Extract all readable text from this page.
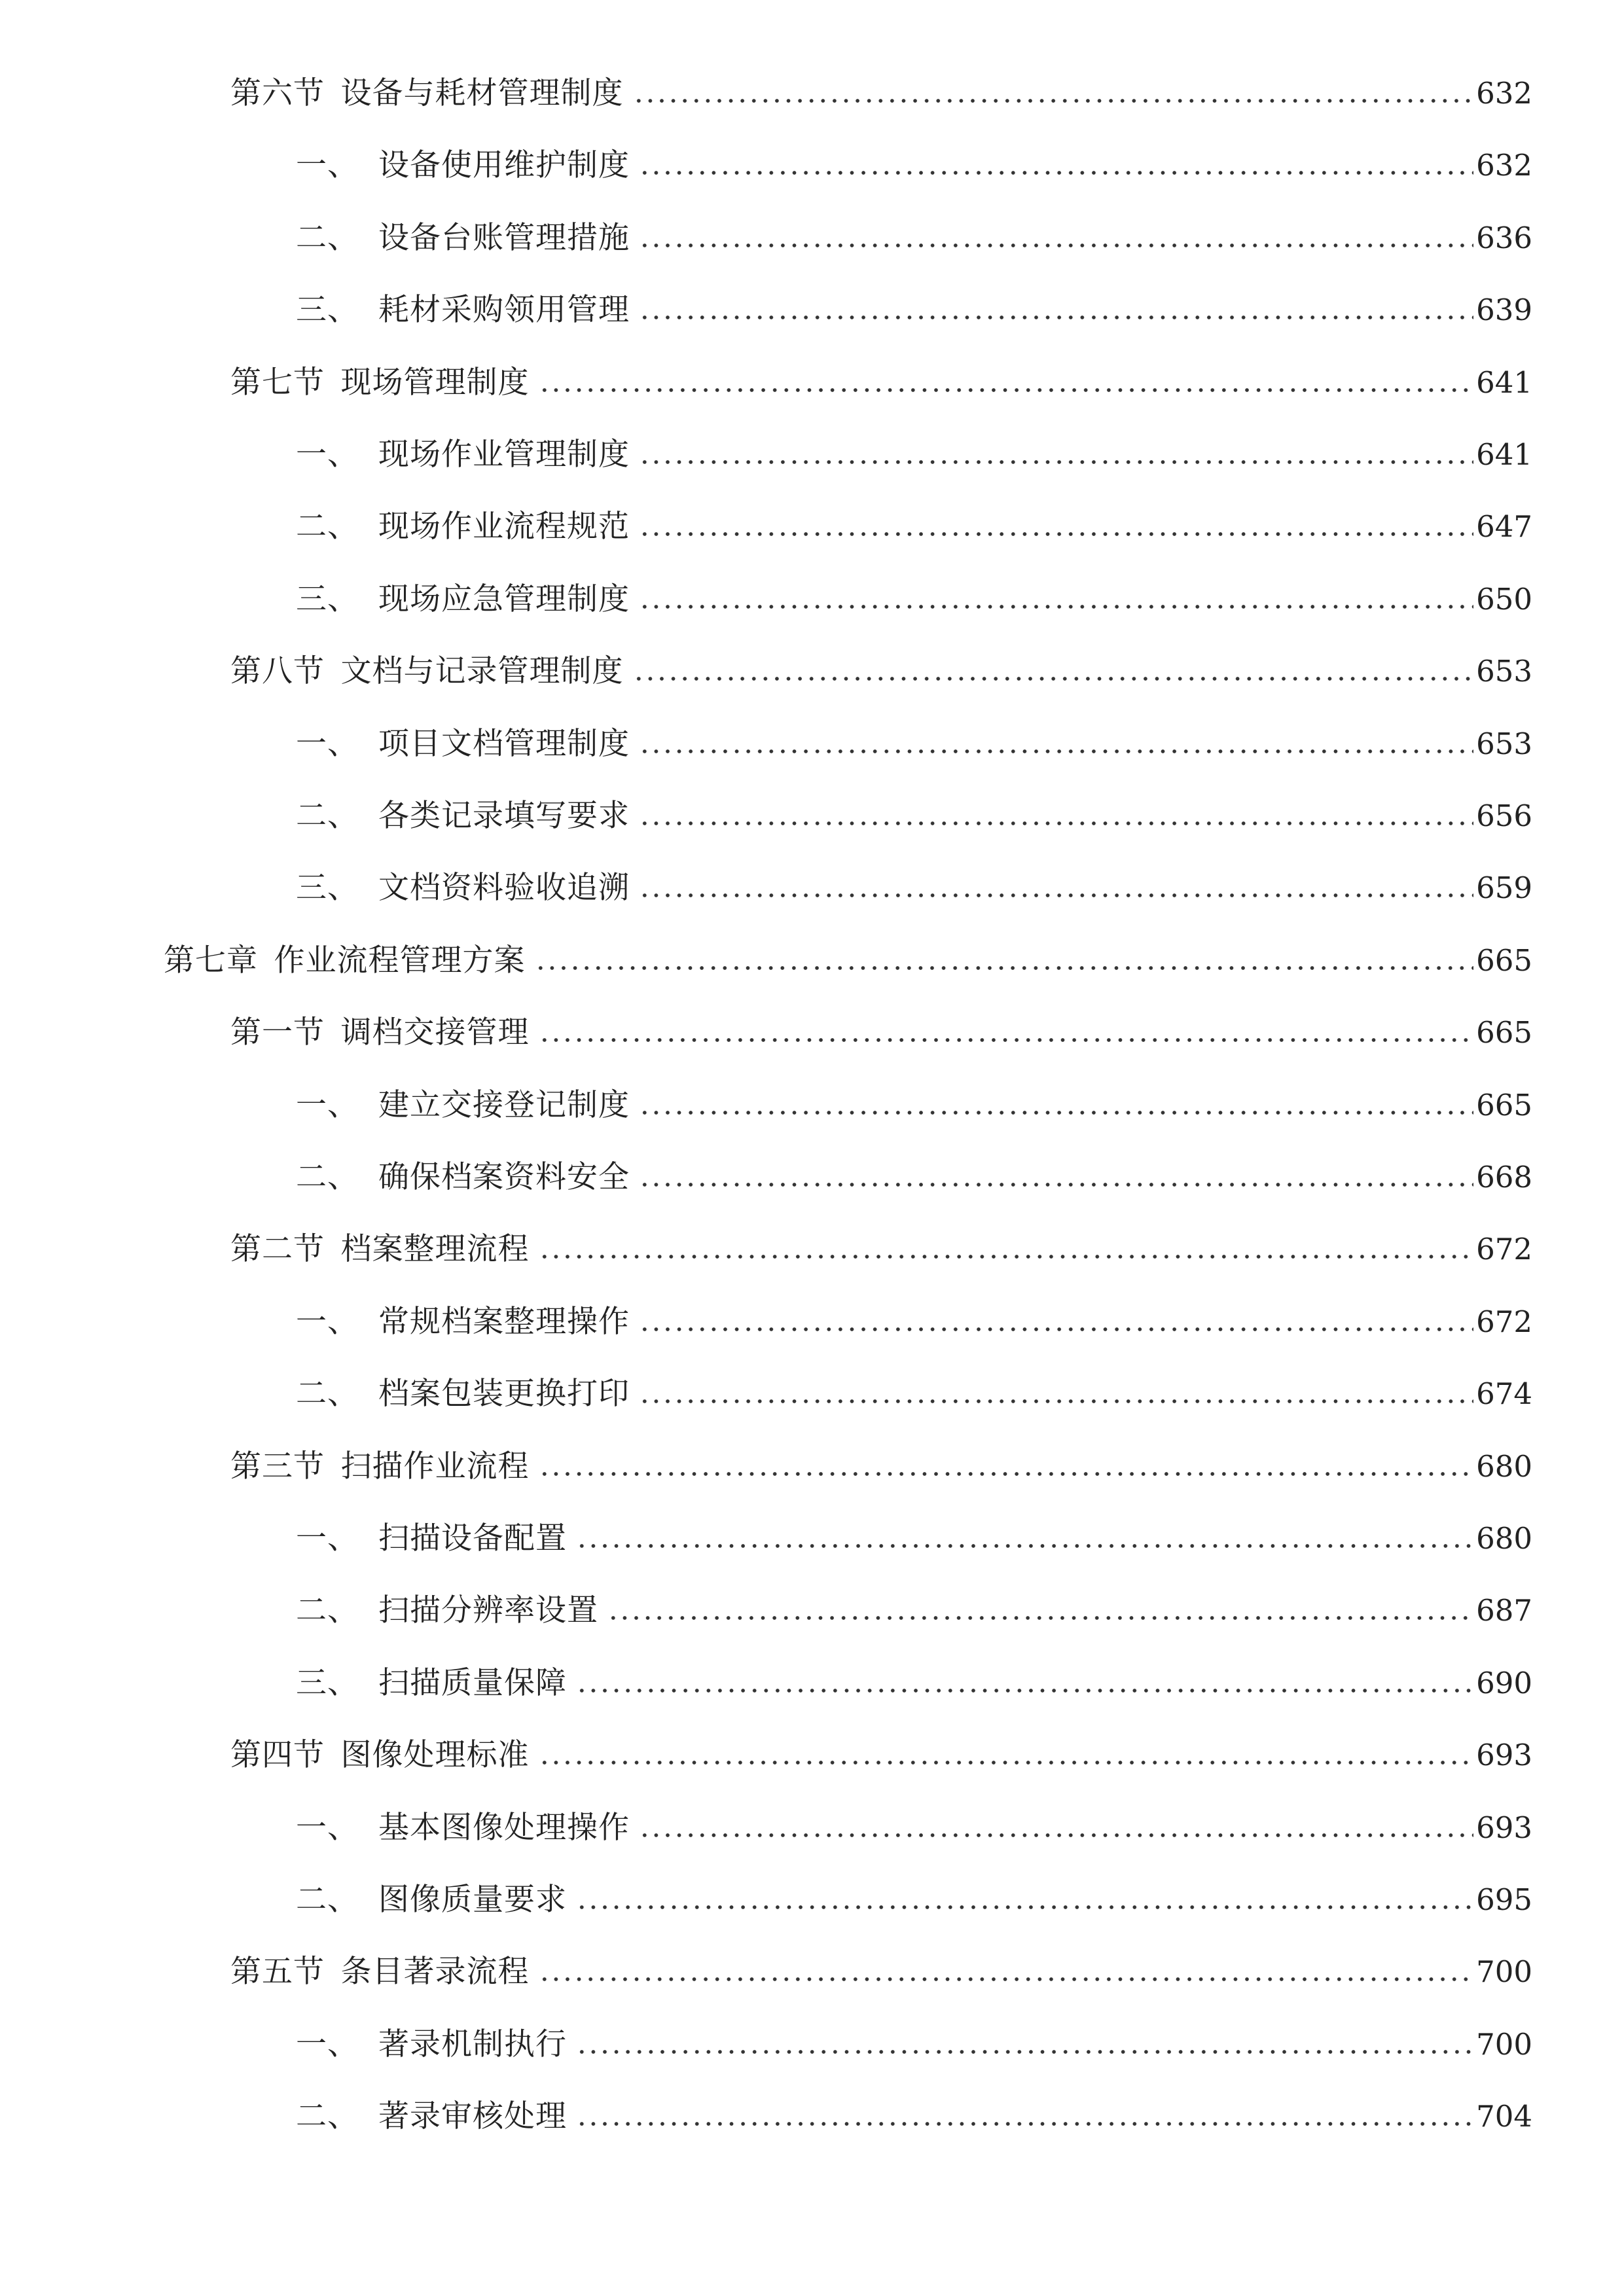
第六节  设备与耗材管理制度	632
一、 设备使用维护制度	632
二、 设备台账管理措施	636
三、 耗材采购领用管理	639
第七节  现场管理制度	641
一、 现场作业管理制度	641
二、 现场作业流程规范	647
三、 现场应急管理制度	650
第八节  文档与记录管理制度	653
一、 项目文档管理制度	653
二、 各类记录填写要求	656
三、 文档资料验收追溯	659
第七章  作业流程管理方案	665
第一节  调档交接管理	665
一、 建立交接登记制度	665
二、 确保档案资料安全	668
第二节  档案整理流程	672
一、 常规档案整理操作	672
二、 档案包装更换打印	674
第三节  扫描作业流程	680
一、 扫描设备配置	680
二、 扫描分辨率设置	687
三、 扫描质量保障	690
第四节  图像处理标准	693
一、 基本图像处理操作	693
二、 图像质量要求	695
第五节  条目著录流程	700
一、 著录机制执行	700
二、 著录审核处理	704
